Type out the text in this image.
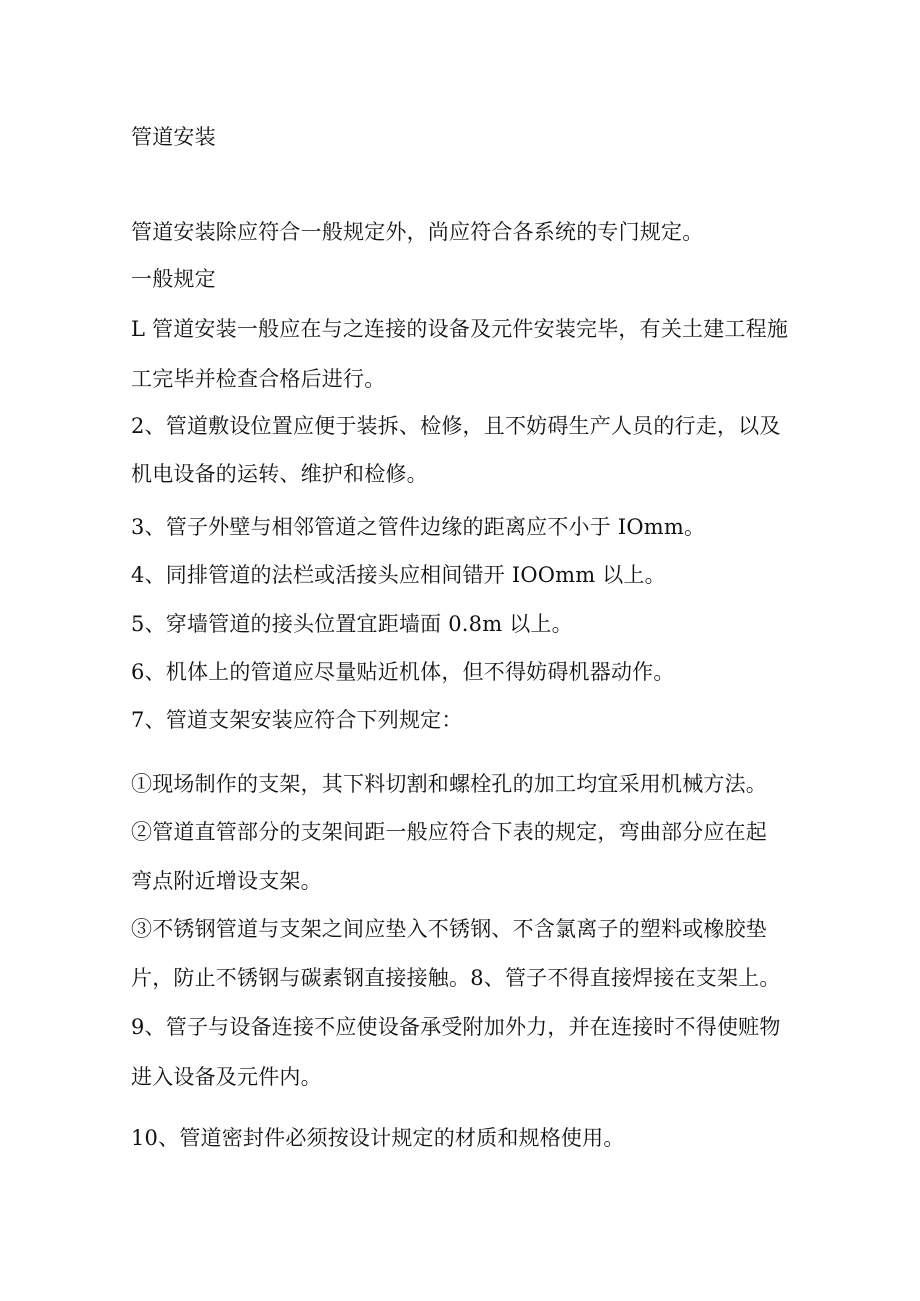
管道安装

管道安装除应符合一般规定外，尚应符合各系统的专门规定。

一般规定

L 管道安装一般应在与之连接的设备及元件安装完毕，有关土建工程施

工完毕并检查合格后进行。

2、管道敷设位置应便于装拆、检修，且不妨碍生产人员的行走，以及

机电设备的运转、维护和检修。

3、管子外壁与相邻管道之管件边缘的距离应不小于 IOmm。

4、同排管道的法栏或活接头应相间错开 IOOmm 以上。

5、穿墙管道的接头位置宜距墙面 0.8m 以上。

6、机体上的管道应尽量贴近机体，但不得妨碍机器动作。

7、管道支架安装应符合下列规定：

①现场制作的支架，其下料切割和螺栓孔的加工均宜采用机械方法。

②管道直管部分的支架间距一般应符合下表的规定，弯曲部分应在起

弯点附近增设支架。

③不锈钢管道与支架之间应垫入不锈钢、不含氯离子的塑料或橡胶垫

片，防止不锈钢与碳素钢直接接触。8、管子不得直接焊接在支架上。

9、管子与设备连接不应使设备承受附加外力，并在连接时不得使赃物

进入设备及元件内。

10、管道密封件必须按设计规定的材质和规格使用。
